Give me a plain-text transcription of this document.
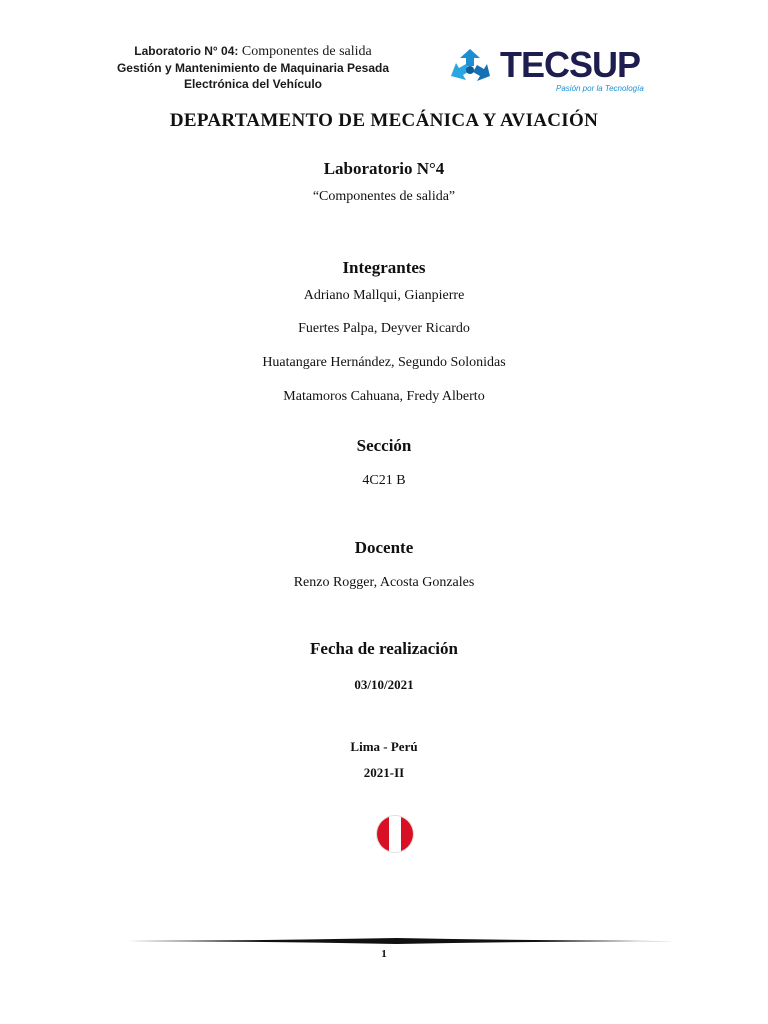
Laboratorio N° 04: Componentes de salida
Gestión y Mantenimiento de Maquinaria Pesada
Electrónica del Vehículo	TECSUP
Pasión por la Tecnología
DEPARTAMENTO DE MECÁNICA Y AVIACIÓN
Laboratorio N°4
“Componentes de salida”
Integrantes
Adriano Mallqui, Gianpierre
Fuertes Palpa, Deyver Ricardo
Huatangare Hernández, Segundo Solonidas
Matamoros Cahuana, Fredy Alberto
Sección
4C21 B
Docente
Renzo Rogger, Acosta Gonzales
Fecha de realización
03/10/2021
Lima - Perú
2021-II
1
